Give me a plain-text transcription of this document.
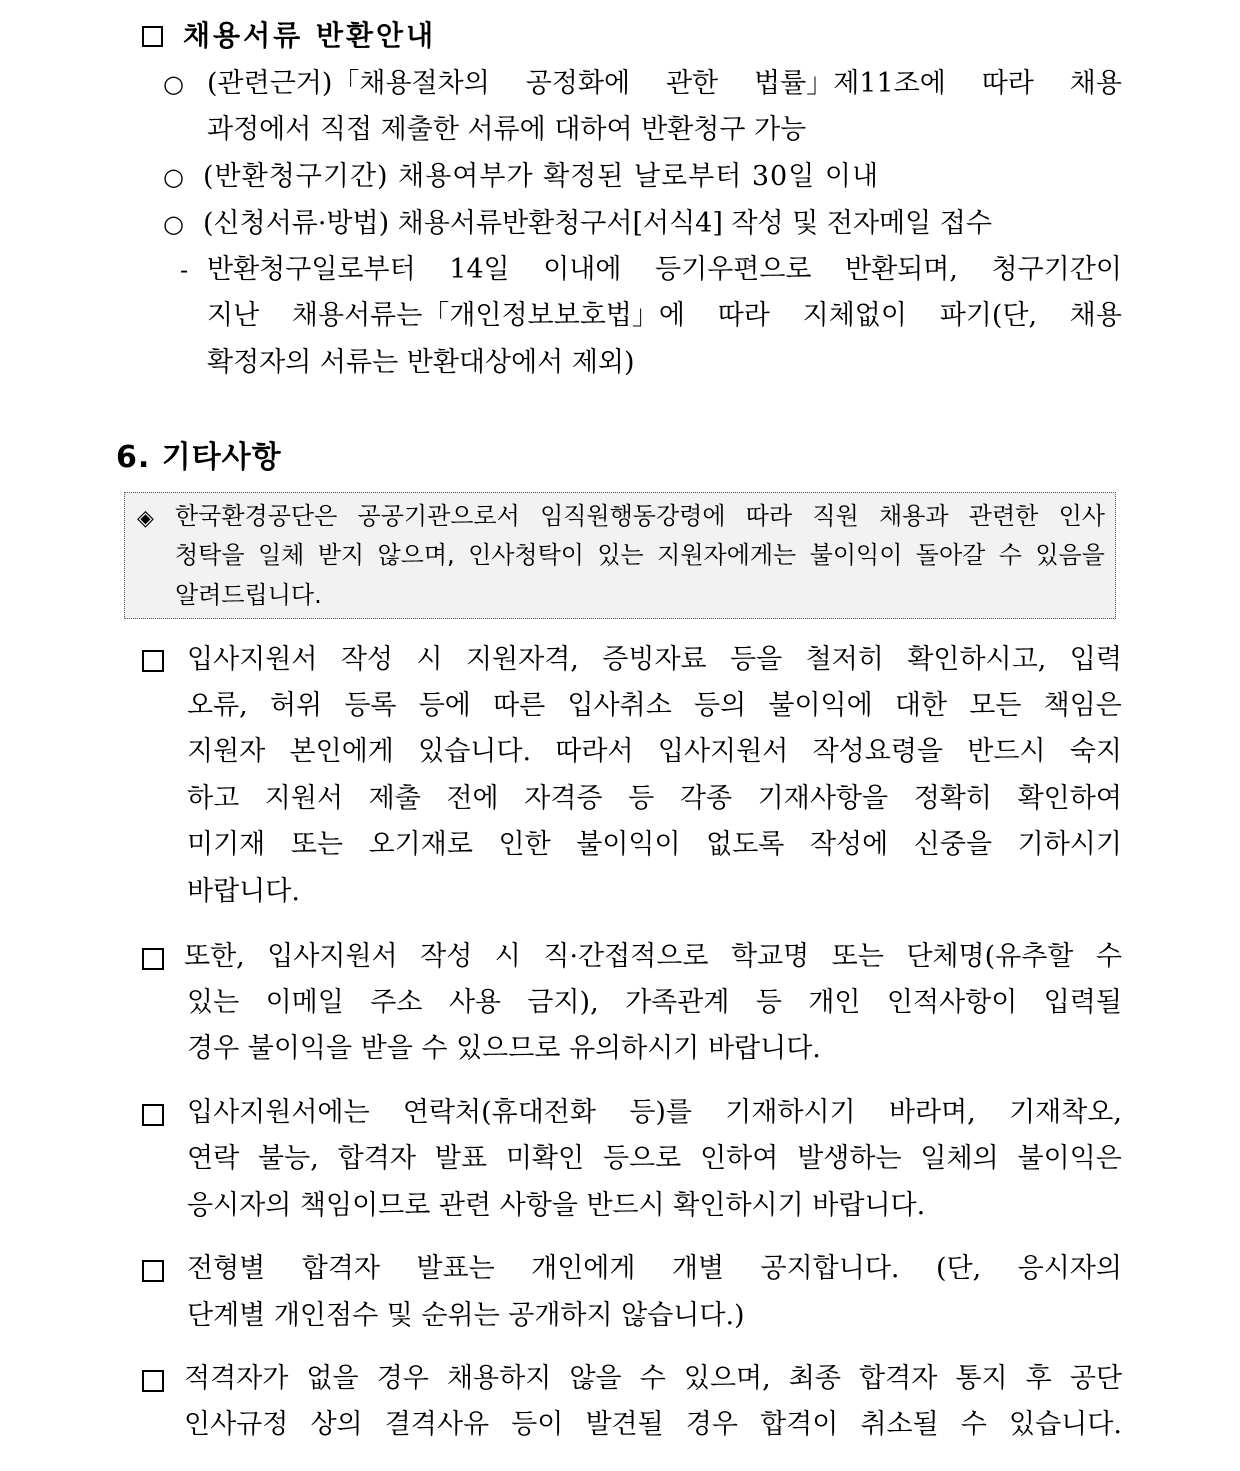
채용서류 반환안내
○ (관련근거)「채용절차의 공정화에 관한 법률」제11조에 따라 채용
과정에서 직접 제출한 서류에 대하여 반환청구 가능
○ (반환청구기간) 채용여부가 확정된 날로부터 30일 이내
○ (신청서류·방법) 채용서류반환청구서[서식4] 작성 및 전자메일 접수
- 반환청구일로부터 14일 이내에 등기우편으로 반환되며, 청구기간이
지난 채용서류는「개인정보보호법」에 따라 지체없이 파기(단, 채용
확정자의 서류는 반환대상에서 제외)
6. 기타사항
◈ 한국환경공단은 공공기관으로서 임직원행동강령에 따라 직원 채용과 관련한 인사
청탁을 일체 받지 않으며, 인사청탁이 있는 지원자에게는 불이익이 돌아갈 수 있음을
알려드립니다.
입사지원서 작성 시 지원자격, 증빙자료 등을 철저히 확인하시고, 입력
오류, 허위 등록 등에 따른 입사취소 등의 불이익에 대한 모든 책임은
지원자 본인에게 있습니다. 따라서 입사지원서 작성요령을 반드시 숙지
하고 지원서 제출 전에 자격증 등 각종 기재사항을 정확히 확인하여
미기재 또는 오기재로 인한 불이익이 없도록 작성에 신중을 기하시기
바랍니다.
또한, 입사지원서 작성 시 직·간접적으로 학교명 또는 단체명(유추할 수
있는 이메일 주소 사용 금지), 가족관계 등 개인 인적사항이 입력될
경우 불이익을 받을 수 있으므로 유의하시기 바랍니다.
입사지원서에는 연락처(휴대전화 등)를 기재하시기 바라며, 기재착오,
연락 불능, 합격자 발표 미확인 등으로 인하여 발생하는 일체의 불이익은
응시자의 책임이므로 관련 사항을 반드시 확인하시기 바랍니다.
전형별 합격자 발표는 개인에게 개별 공지합니다. (단, 응시자의
단계별 개인점수 및 순위는 공개하지 않습니다.)
적격자가 없을 경우 채용하지 않을 수 있으며, 최종 합격자 통지 후 공단
인사규정 상의 결격사유 등이 발견될 경우 합격이 취소될 수 있습니다.
